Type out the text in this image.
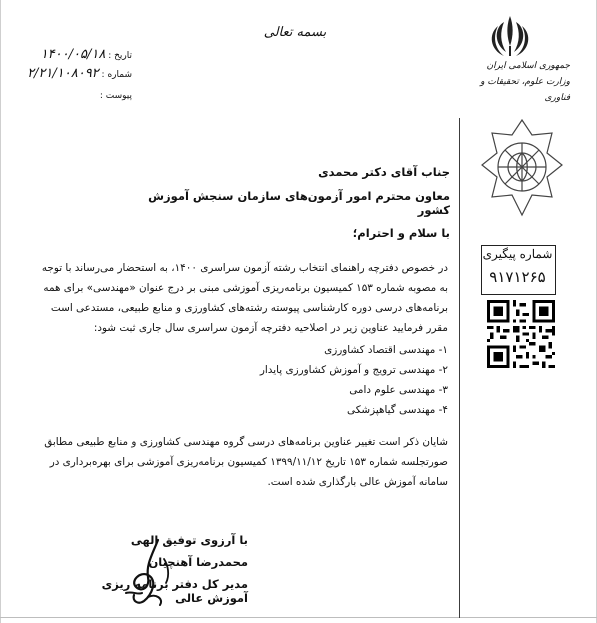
بسمه تعالی
تاریخ : ۱۴۰۰/۰۵/۱۸
شماره : ۲/۲۱/۱۰۸۰۹۲
پیوست :
جمهوری اسلامی ایران
وزارت علوم، تحقیقات و فناوری
شماره پیگیری
۹۱۷۱۲۶۵
جناب آقای دکتر محمدی
معاون محترم امور آزمون‌های سازمان سنجش آموزش کشور
با سلام و احترام؛
در خصوص دفترچه راهنمای انتخاب رشته آزمون سراسری ۱۴۰۰، به استحضار می‌رساند با توجه
به مصوبه شماره ۱۵۳ کمیسیون برنامه‌ریزی آموزشی مبنی بر درج عنوان «مهندسی» برای همه
برنامه‌های درسی دوره کارشناسی پیوسته رشته‌های کشاورزی و منابع طبیعی، مستدعی است
مقرر فرمایید عناوین زیر در اصلاحیه دفترچه آزمون سراسری سال جاری ثبت شود:
۱- مهندسی اقتصاد کشاورزی
۲- مهندسی ترویج و آموزش کشاورزی پایدار
۳- مهندسی علوم دامی
۴- مهندسی گیاهپزشکی
شایان ذکر است تغییر عناوین برنامه‌های درسی گروه مهندسی کشاورزی و منابع طبیعی مطابق
صورتجلسه شماره ۱۵۳ تاریخ ۱۳۹۹/۱۱/۱۲ کمیسیون برنامه‌ریزی آموزشی برای بهره‌برداری در
سامانه آموزش عالی بارگذاری شده است.
با آرزوی توفیق الهی
محمدرضا آهنچیان
مدیر کل دفتر برنامه ریزی آموزش عالی
